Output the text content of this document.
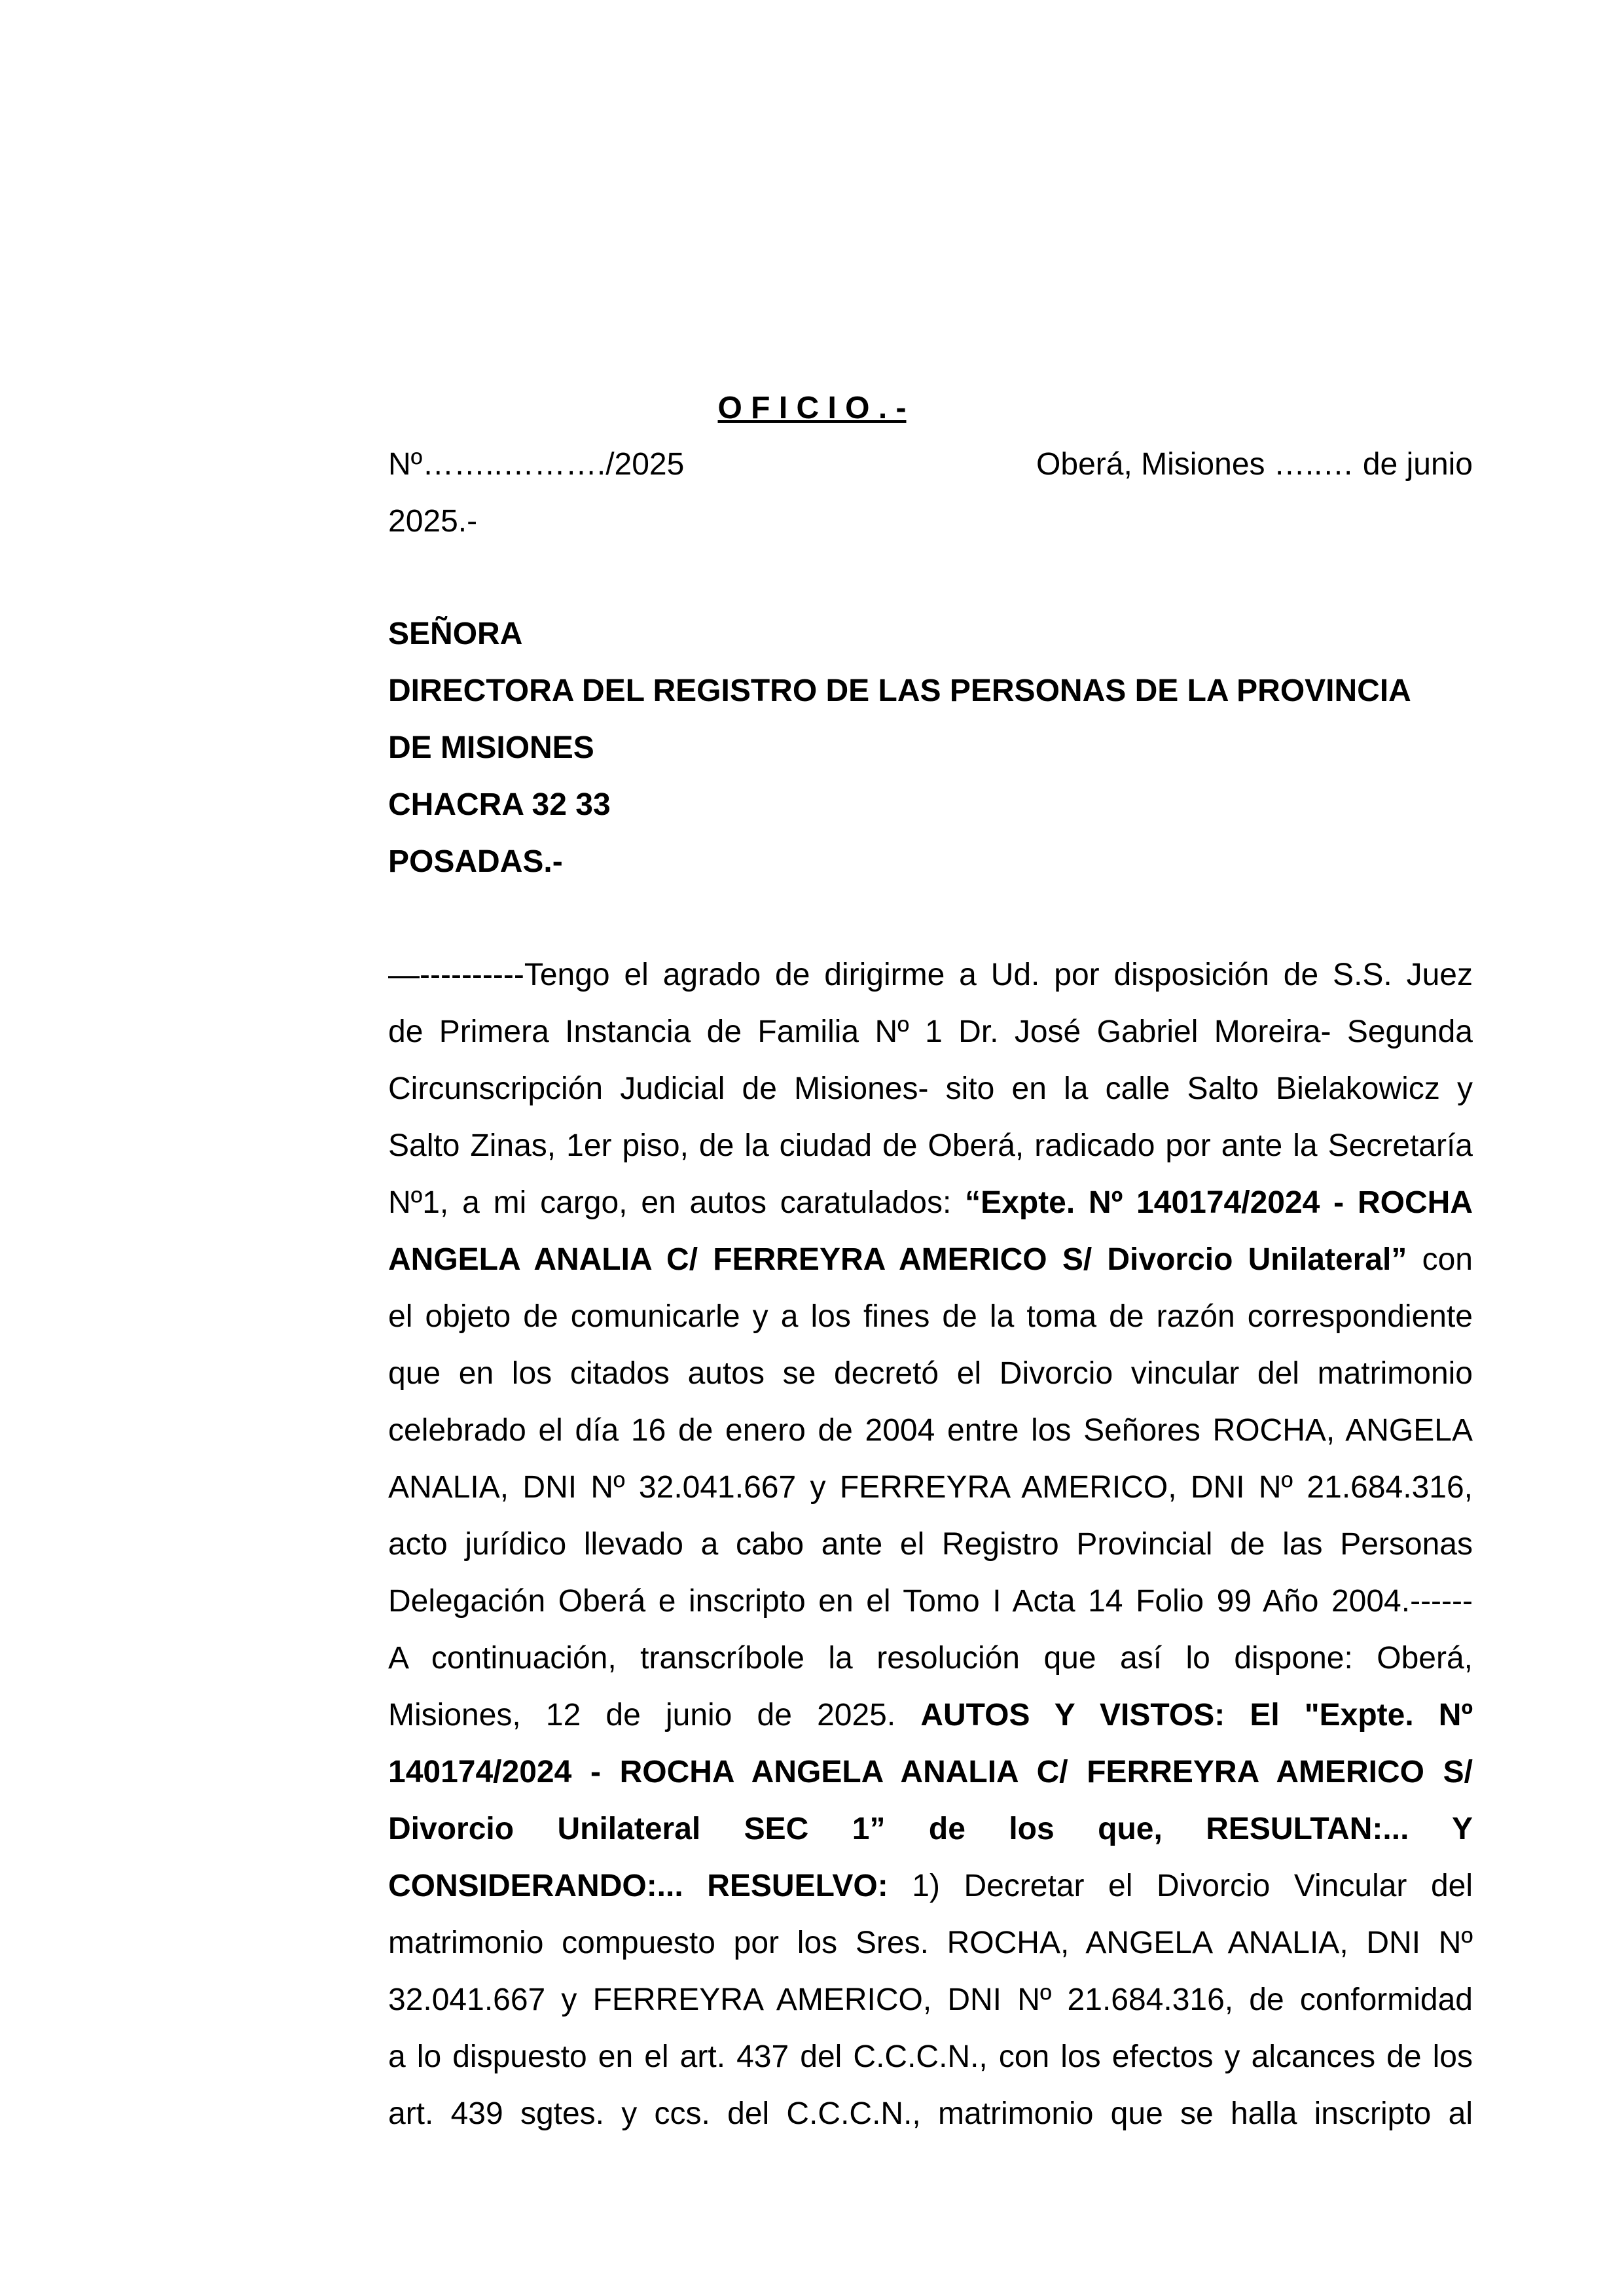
O F I C I O . -
Nº……..………./2025	Oberá, Misiones …..… de junio
2025.-
SEÑORA
DIRECTORA DEL REGISTRO DE LAS PERSONAS DE LA PROVINCIA
DE MISIONES
CHACRA 32 33
POSADAS.-
—----------Tengo el agrado de dirigirme a Ud. por disposición de S.S. Juez
de Primera Instancia de Familia Nº 1 Dr. José Gabriel Moreira- Segunda
Circunscripción Judicial de Misiones- sito en la calle Salto Bielakowicz y
Salto Zinas, 1er piso, de la ciudad de Oberá, radicado por ante la Secretaría
Nº1, a mi cargo, en autos caratulados: “Expte. Nº 140174/2024 - ROCHA
ANGELA ANALIA C/ FERREYRA AMERICO S/ Divorcio Unilateral” con
el objeto de comunicarle y a los fines de la toma de razón correspondiente
que en los citados autos se decretó el Divorcio vincular del matrimonio
celebrado el día 16 de enero de 2004 entre los Señores ROCHA, ANGELA
ANALIA, DNI Nº 32.041.667 y FERREYRA AMERICO, DNI Nº 21.684.316,
acto jurídico llevado a cabo ante el Registro Provincial de las Personas
Delegación Oberá e inscripto en el Tomo I Acta 14 Folio 99 Año 2004.------
A continuación, transcríbole la resolución que así lo dispone: Oberá,
Misiones, 12 de junio de 2025. AUTOS Y VISTOS: El "Expte. Nº
140174/2024 - ROCHA ANGELA ANALIA C/ FERREYRA AMERICO S/
Divorcio Unilateral SEC 1” de los que, RESULTAN:... Y
CONSIDERANDO:... RESUELVO: 1) Decretar el Divorcio Vincular del
matrimonio compuesto por los Sres. ROCHA, ANGELA ANALIA, DNI Nº
32.041.667 y FERREYRA AMERICO, DNI Nº 21.684.316, de conformidad
a lo dispuesto en el art. 437 del C.C.C.N., con los efectos y alcances de los
art. 439 sgtes. y ccs. del C.C.C.N., matrimonio que se halla inscripto al
